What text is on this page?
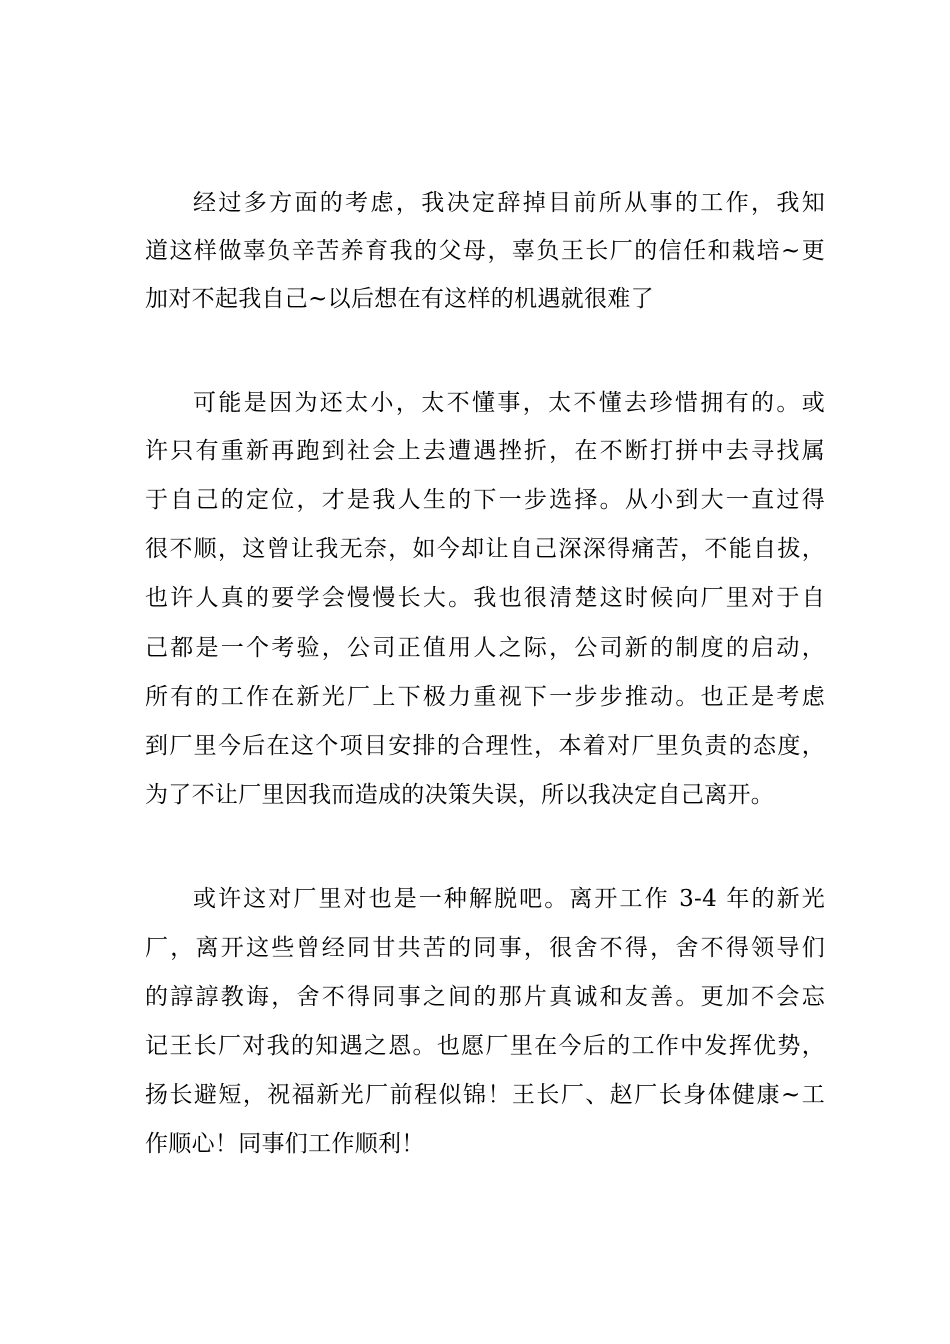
经过多方面的考虑，我决定辞掉目前所从事的工作，我知
道这样做辜负辛苦养育我的父母，辜负王长厂的信任和栽培~更
加对不起我自己~以后想在有这样的机遇就很难了
可能是因为还太小，太不懂事，太不懂去珍惜拥有的。或
许只有重新再跑到社会上去遭遇挫折，在不断打拼中去寻找属
于自己的定位，才是我人生的下一步选择。从小到大一直过得
很不顺，这曾让我无奈，如今却让自己深深得痛苦，不能自拔，
也许人真的要学会慢慢长大。我也很清楚这时候向厂里对于自
己都是一个考验，公司正值用人之际，公司新的制度的启动，
所有的工作在新光厂上下极力重视下一步步推动。也正是考虑
到厂里今后在这个项目安排的合理性，本着对厂里负责的态度，
为了不让厂里因我而造成的决策失误，所以我决定自己离开。
或许这对厂里对也是一种解脱吧。离开工作 3-4 年的新光
厂，离开这些曾经同甘共苦的同事，很舍不得，舍不得领导们
的諄諄教诲，舍不得同事之间的那片真诚和友善。更加不会忘
记王长厂对我的知遇之恩。也愿厂里在今后的工作中发挥优势，
扬长避短，祝福新光厂前程似锦！王长厂、赵厂长身体健康~工
作顺心！同事们工作顺利！
